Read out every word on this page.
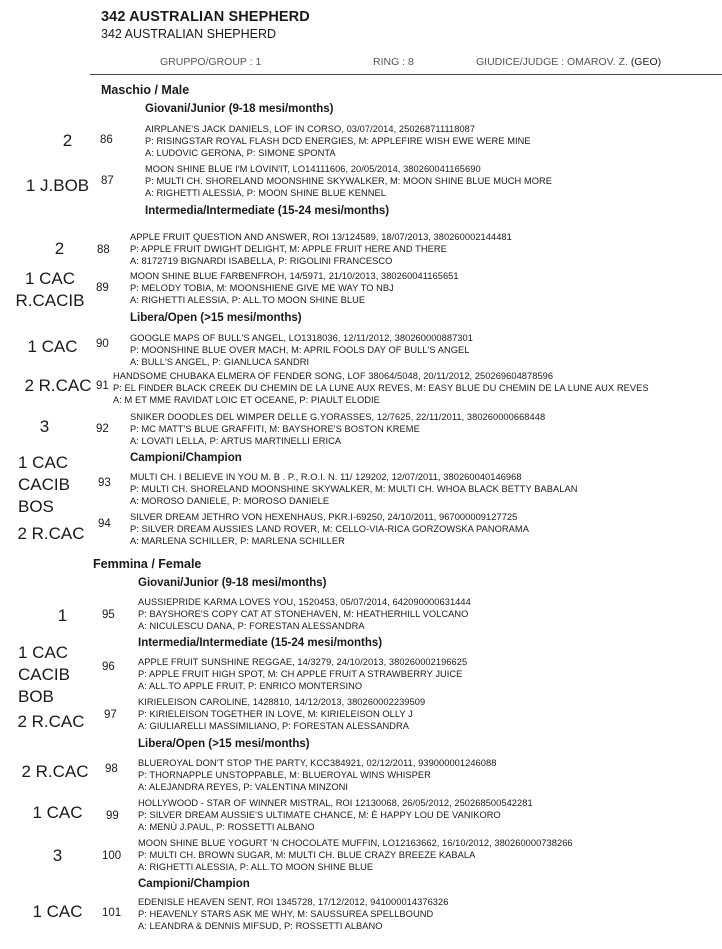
342 AUSTRALIAN SHEPHERD
342 AUSTRALIAN SHEPHERD
GRUPPO/GROUP : 1	RING : 8	GIUDICE/JUDGE : OMAROV. Z. (GEO)
Maschio / Male
Giovani/Junior (9-18 mesi/months)
2	86
AIRPLANE'S JACK DANIELS, LOF IN CORSO, 03/07/2014, 250268711118087
P: RISINGSTAR ROYAL FLASH DCD ENERGIES, M: APPLEFIRE WISH EWE WERE MINE
A: LUDOVIC GERONA, P: SIMONE SPONTA
1 J.BOB	87
MOON SHINE BLUE I'M LOVIN'IT, LO14111606, 20/05/2014, 380260041165690
P: MULTI CH. SHORELAND MOONSHINE SKYWALKER, M: MOON SHINE BLUE MUCH MORE
A: RIGHETTI ALESSIA, P: MOON SHINE BLUE KENNEL
Intermedia/Intermediate (15-24 mesi/months)
2	88
APPLE FRUIT QUESTION AND ANSWER, ROI 13/124589, 18/07/2013, 380260002144481
P: APPLE FRUIT DWIGHT DELIGHT, M: APPLE FRUIT HERE AND THERE
A: 8172719 BIGNARDI ISABELLA, P: RIGOLINI FRANCESCO
1 CAC R.CACIB
89
MOON SHINE BLUE FARBENFROH, 14/5971, 21/10/2013, 380260041165651
P: MELODY TOBIA, M: MOONSHIENE GIVE ME WAY TO NBJ
A: RIGHETTI ALESSIA, P: ALL.TO MOON SHINE BLUE
Libera/Open (>15 mesi/months)
1 CAC	90 GOOGLE MAPS OF BULL'S ANGEL, LO1318036, 12/11/2012, 380260000887301
P: MOONSHINE BLUE OVER MACH, M: APRIL FOOLS DAY OF BULL'S ANGEL
A: BULL'S ANGEL, P: GIANLUCA SANDRI
2 R.CAC 91
HANDSOME CHUBAKA ELMERA OF FENDER SONG, LOF 38064/5048, 20/11/2012, 250269604878596
P: EL FINDER BLACK CREEK DU CHEMIN DE LA LUNE AUX REVES, M: EASY BLUE DU CHEMIN DE LA LUNE AUX REVES
A: M ET MME RAVIDAT LOIC ET OCEANE, P: PIAULT ELODIE
3	92
SNIKER DOODLES DEL WIMPER DELLE G.YORASSES, 12/7625, 22/11/2011, 380260000668448
P: MC MATT'S BLUE GRAFFITI, M: BAYSHORE'S BOSTON KREME
A: LOVATI LELLA, P: ARTUS MARTINELLI ERICA
Campioni/Champion
1 CAC CACIB BOS
93 MULTI CH. I BELIEVE IN YOU M. B . P., R.O.I. N. 11/ 129202, 12/07/2011, 380260040146968
P: MULTI CH. SHORELAND MOONSHINE SKYWALKER, M: MULTI CH. WHOA BLACK BETTY BABALAN
A: MOROSO DANIELE, P: MOROSO DANIELE
2 R.CAC	94
SILVER DREAM JETHRO VON HEXENHAUS, PKR.I-69250, 24/10/2011, 967000009127725
P: SILVER DREAM AUSSIES LAND ROVER, M: CELLO-VIA-RICA GORZOWSKA PANORAMA
A: MARLENA SCHILLER, P: MARLENA SCHILLER
Femmina / Female
Giovani/Junior (9-18 mesi/months)
1	95
AUSSIEPRIDE KARMA LOVES YOU, 1520453, 05/07/2014, 642090000631444
P: BAYSHORE'S COPY CAT AT STONEHAVEN, M: HEATHERHILL VOLCANO
A: NICULESCU DANA, P: FORESTAN ALESSANDRA
Intermedia/Intermediate (15-24 mesi/months)
1 CAC CACIB BOB
96 APPLE FRUIT SUNSHINE REGGAE, 14/3279, 24/10/2013, 380260002196625
P: APPLE FRUIT HIGH SPOT, M: CH APPLE FRUIT A STRAWBERRY JUICE
A: ALL.TO APPLE FRUIT, P: ENRICO MONTERSINO
2 R.CAC	97
KIRIELEISON CAROLINE, 1428810, 14/12/2013, 380260002239509
P: KIRIELEISON TOGETHER IN LOVE, M: KIRIELEISON OLLY J
A: GIULIARELLI MASSIMILIANO, P: FORESTAN ALESSANDRA
Libera/Open (>15 mesi/months)
2 R.CAC	98 BLUEROYAL DON'T STOP THE PARTY, KCC384921, 02/12/2011, 939000001246088
P: THORNAPPLE UNSTOPPABLE, M: BLUEROYAL WINS WHISPER
A: ALEJANDRA REYES, P: VALENTINA MINZONI
1 CAC	99
HOLLYWOOD - STAR OF WINNER MISTRAL, ROI 12130068, 26/05/2012, 250268500542281
P: SILVER DREAM AUSSIE'S ULTIMATE CHANCE, M: È HAPPY LOU DE VANIKORO
A: MENÙ J.PAUL, P: ROSSETTI ALBANO
3	100
MOON SHINE BLUE YOGURT 'N CHOCOLATE MUFFIN, LO12163662, 16/10/2012, 380260000738266
P: MULTI CH. BROWN SUGAR, M: MULTI CH. BLUE CRAZY BREEZE KABALA
A: RIGHETTI ALESSIA, P: ALL.TO MOON SHINE BLUE
Campioni/Champion
1 CAC	101
EDENISLE HEAVEN SENT, ROI 1345728, 17/12/2012, 941000014376326
P: HEAVENLY STARS ASK ME WHY, M: SAUSSUREA SPELLBOUND
A: LEANDRA & DENNIS MIFSUD, P: ROSSETTI ALBANO
